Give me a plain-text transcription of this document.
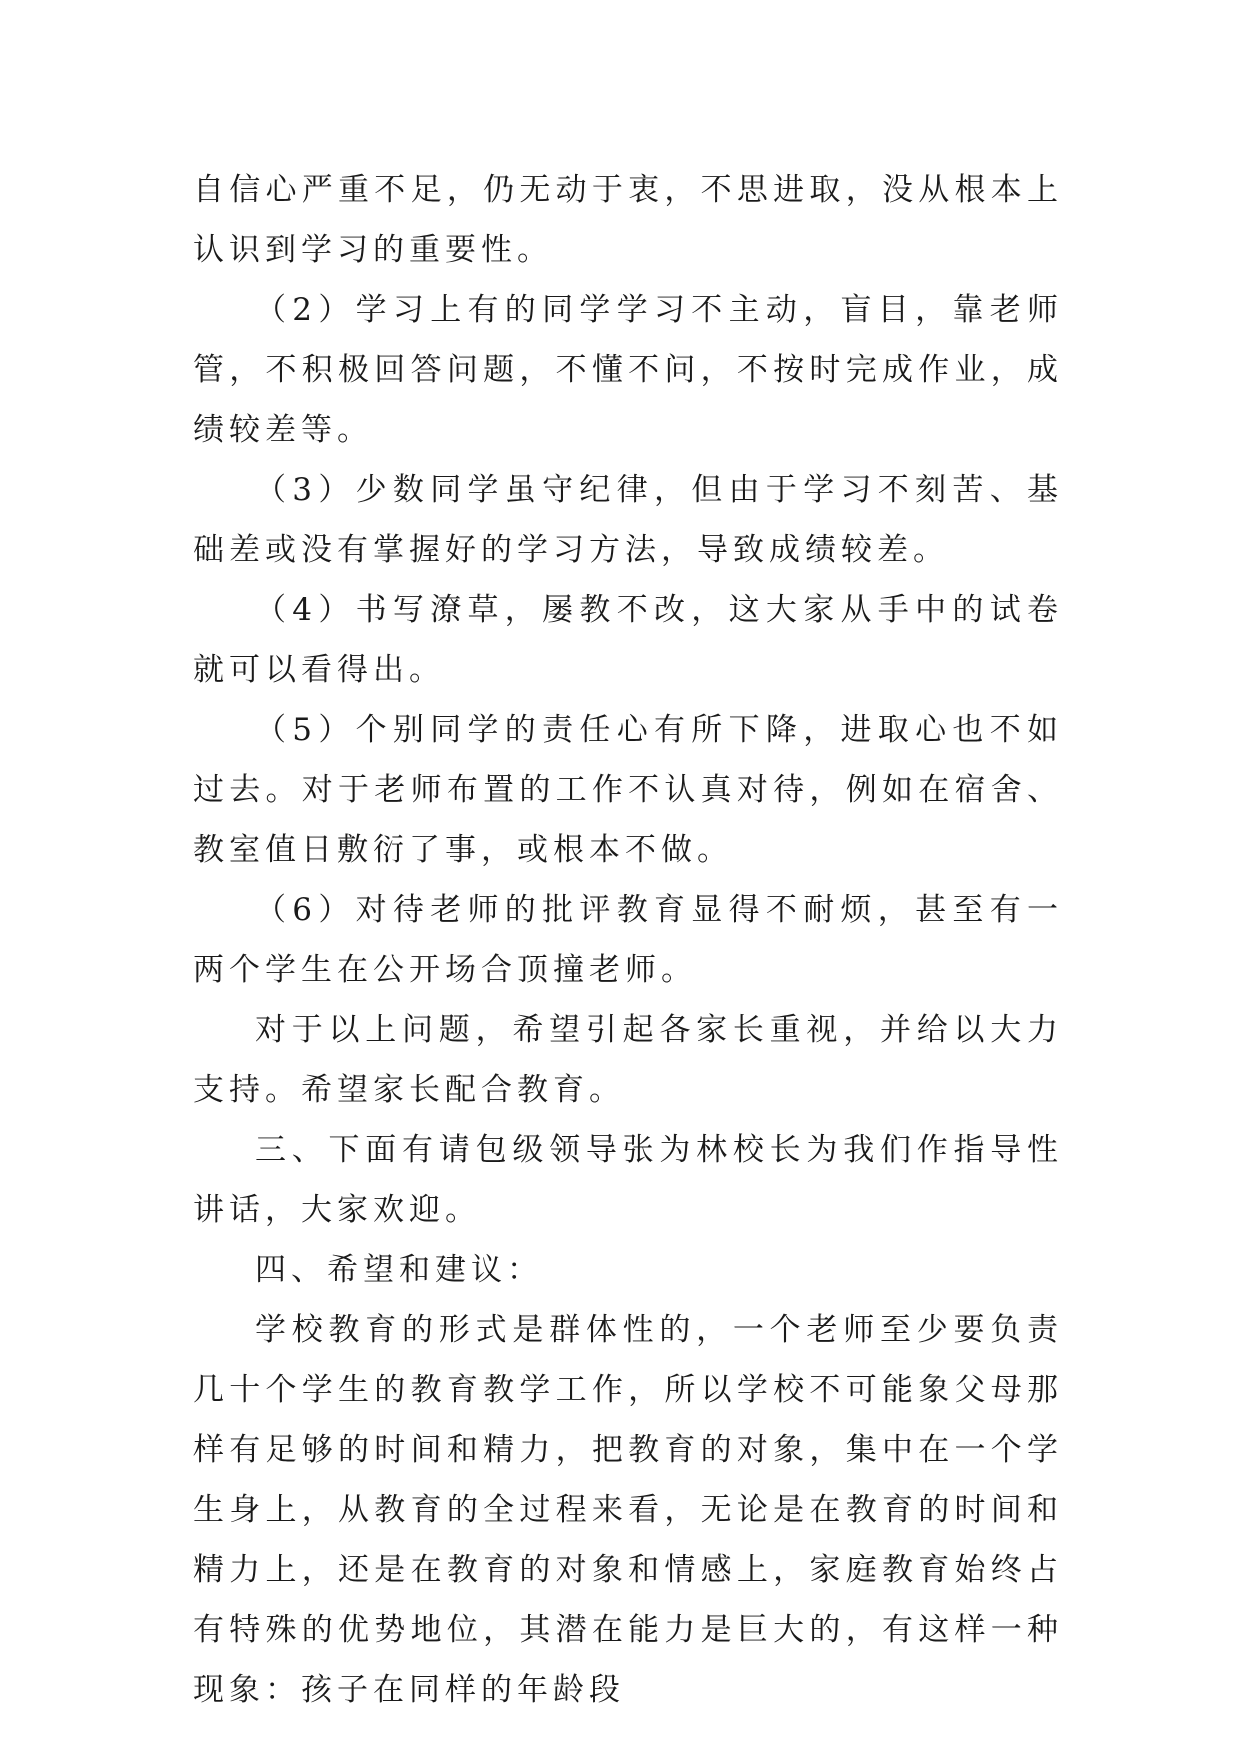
自信心严重不足，仍无动于衷，不思进取，没从根本上认识到学习的重要性。

（2）学习上有的同学学习不主动，盲目，靠老师管，不积极回答问题，不懂不问，不按时完成作业，成绩较差等。

（3）少数同学虽守纪律，但由于学习不刻苦、基础差或没有掌握好的学习方法，导致成绩较差。

（4）书写潦草，屡教不改，这大家从手中的试卷就可以看得出。

（5）个别同学的责任心有所下降，进取心也不如过去。对于老师布置的工作不认真对待，例如在宿舍、教室值日敷衍了事，或根本不做。

（6）对待老师的批评教育显得不耐烦，甚至有一两个学生在公开场合顶撞老师。

对于以上问题，希望引起各家长重视，并给以大力支持。希望家长配合教育。

三、下面有请包级领导张为林校长为我们作指导性讲话，大家欢迎。

四、希望和建议：

学校教育的形式是群体性的，一个老师至少要负责几十个学生的教育教学工作，所以学校不可能象父母那样有足够的时间和精力，把教育的对象，集中在一个学生身上，从教育的全过程来看，无论是在教育的时间和精力上，还是在教育的对象和情感上，家庭教育始终占有特殊的优势地位，其潜在能力是巨大的，有这样一种现象：孩子在同样的年龄段
